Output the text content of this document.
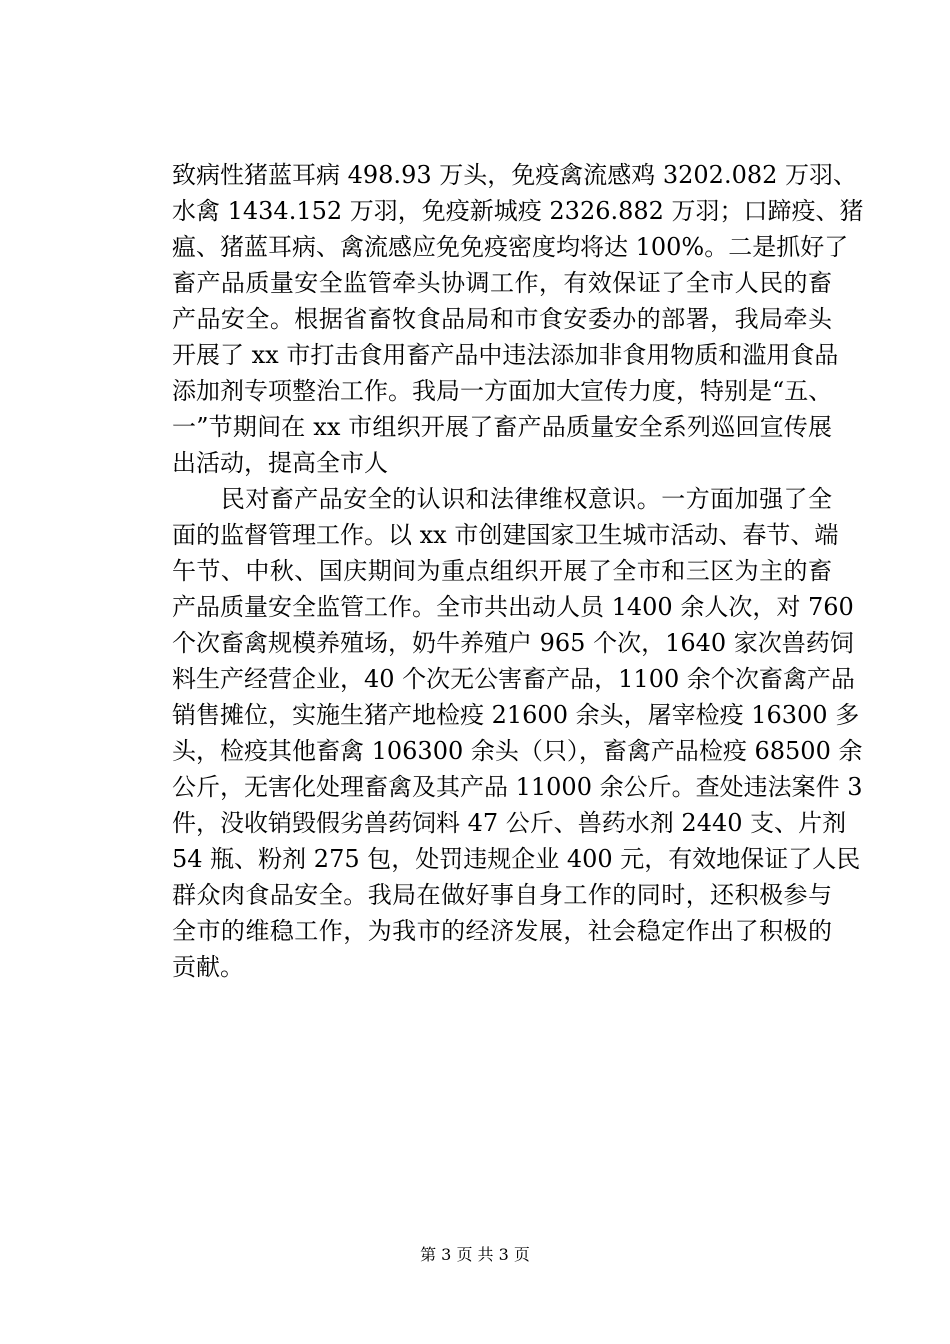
致病性猪蓝耳病 498.93 万头，免疫禽流感鸡 3202.082 万羽、
水禽 1434.152 万羽，免疫新城疫 2326.882 万羽；口蹄疫、猪
瘟、猪蓝耳病、禽流感应免免疫密度均将达 100%。二是抓好了
畜产品质量安全监管牵头协调工作，有效保证了全市人民的畜
产品安全。根据省畜牧食品局和市食安委办的部署，我局牵头
开展了 xx 市打击食用畜产品中违法添加非食用物质和滥用食品
添加剂专项整治工作。我局一方面加大宣传力度，特别是“五、
一”节期间在 xx 市组织开展了畜产品质量安全系列巡回宣传展
出活动，提高全市人
　　民对畜产品安全的认识和法律维权意识。一方面加强了全
面的监督管理工作。以 xx 市创建国家卫生城市活动、春节、端
午节、中秋、国庆期间为重点组织开展了全市和三区为主的畜
产品质量安全监管工作。全市共出动人员 1400 余人次，对 760
个次畜禽规模养殖场，奶牛养殖户 965 个次，1640 家次兽药饲
料生产经营企业，40 个次无公害畜产品，1100 余个次畜禽产品
销售摊位，实施生猪产地检疫 21600 余头，屠宰检疫 16300 多
头，检疫其他畜禽 106300 余头（只），畜禽产品检疫 68500 余
公斤，无害化处理畜禽及其产品 11000 余公斤。查处违法案件 3
件，没收销毁假劣兽药饲料 47 公斤、兽药水剂 2440 支、片剂
54 瓶、粉剂 275 包，处罚违规企业 400 元，有效地保证了人民
群众肉食品安全。我局在做好事自身工作的同时，还积极参与
全市的维稳工作，为我市的经济发展，社会稳定作出了积极的
贡献。
第 3 页 共 3 页
